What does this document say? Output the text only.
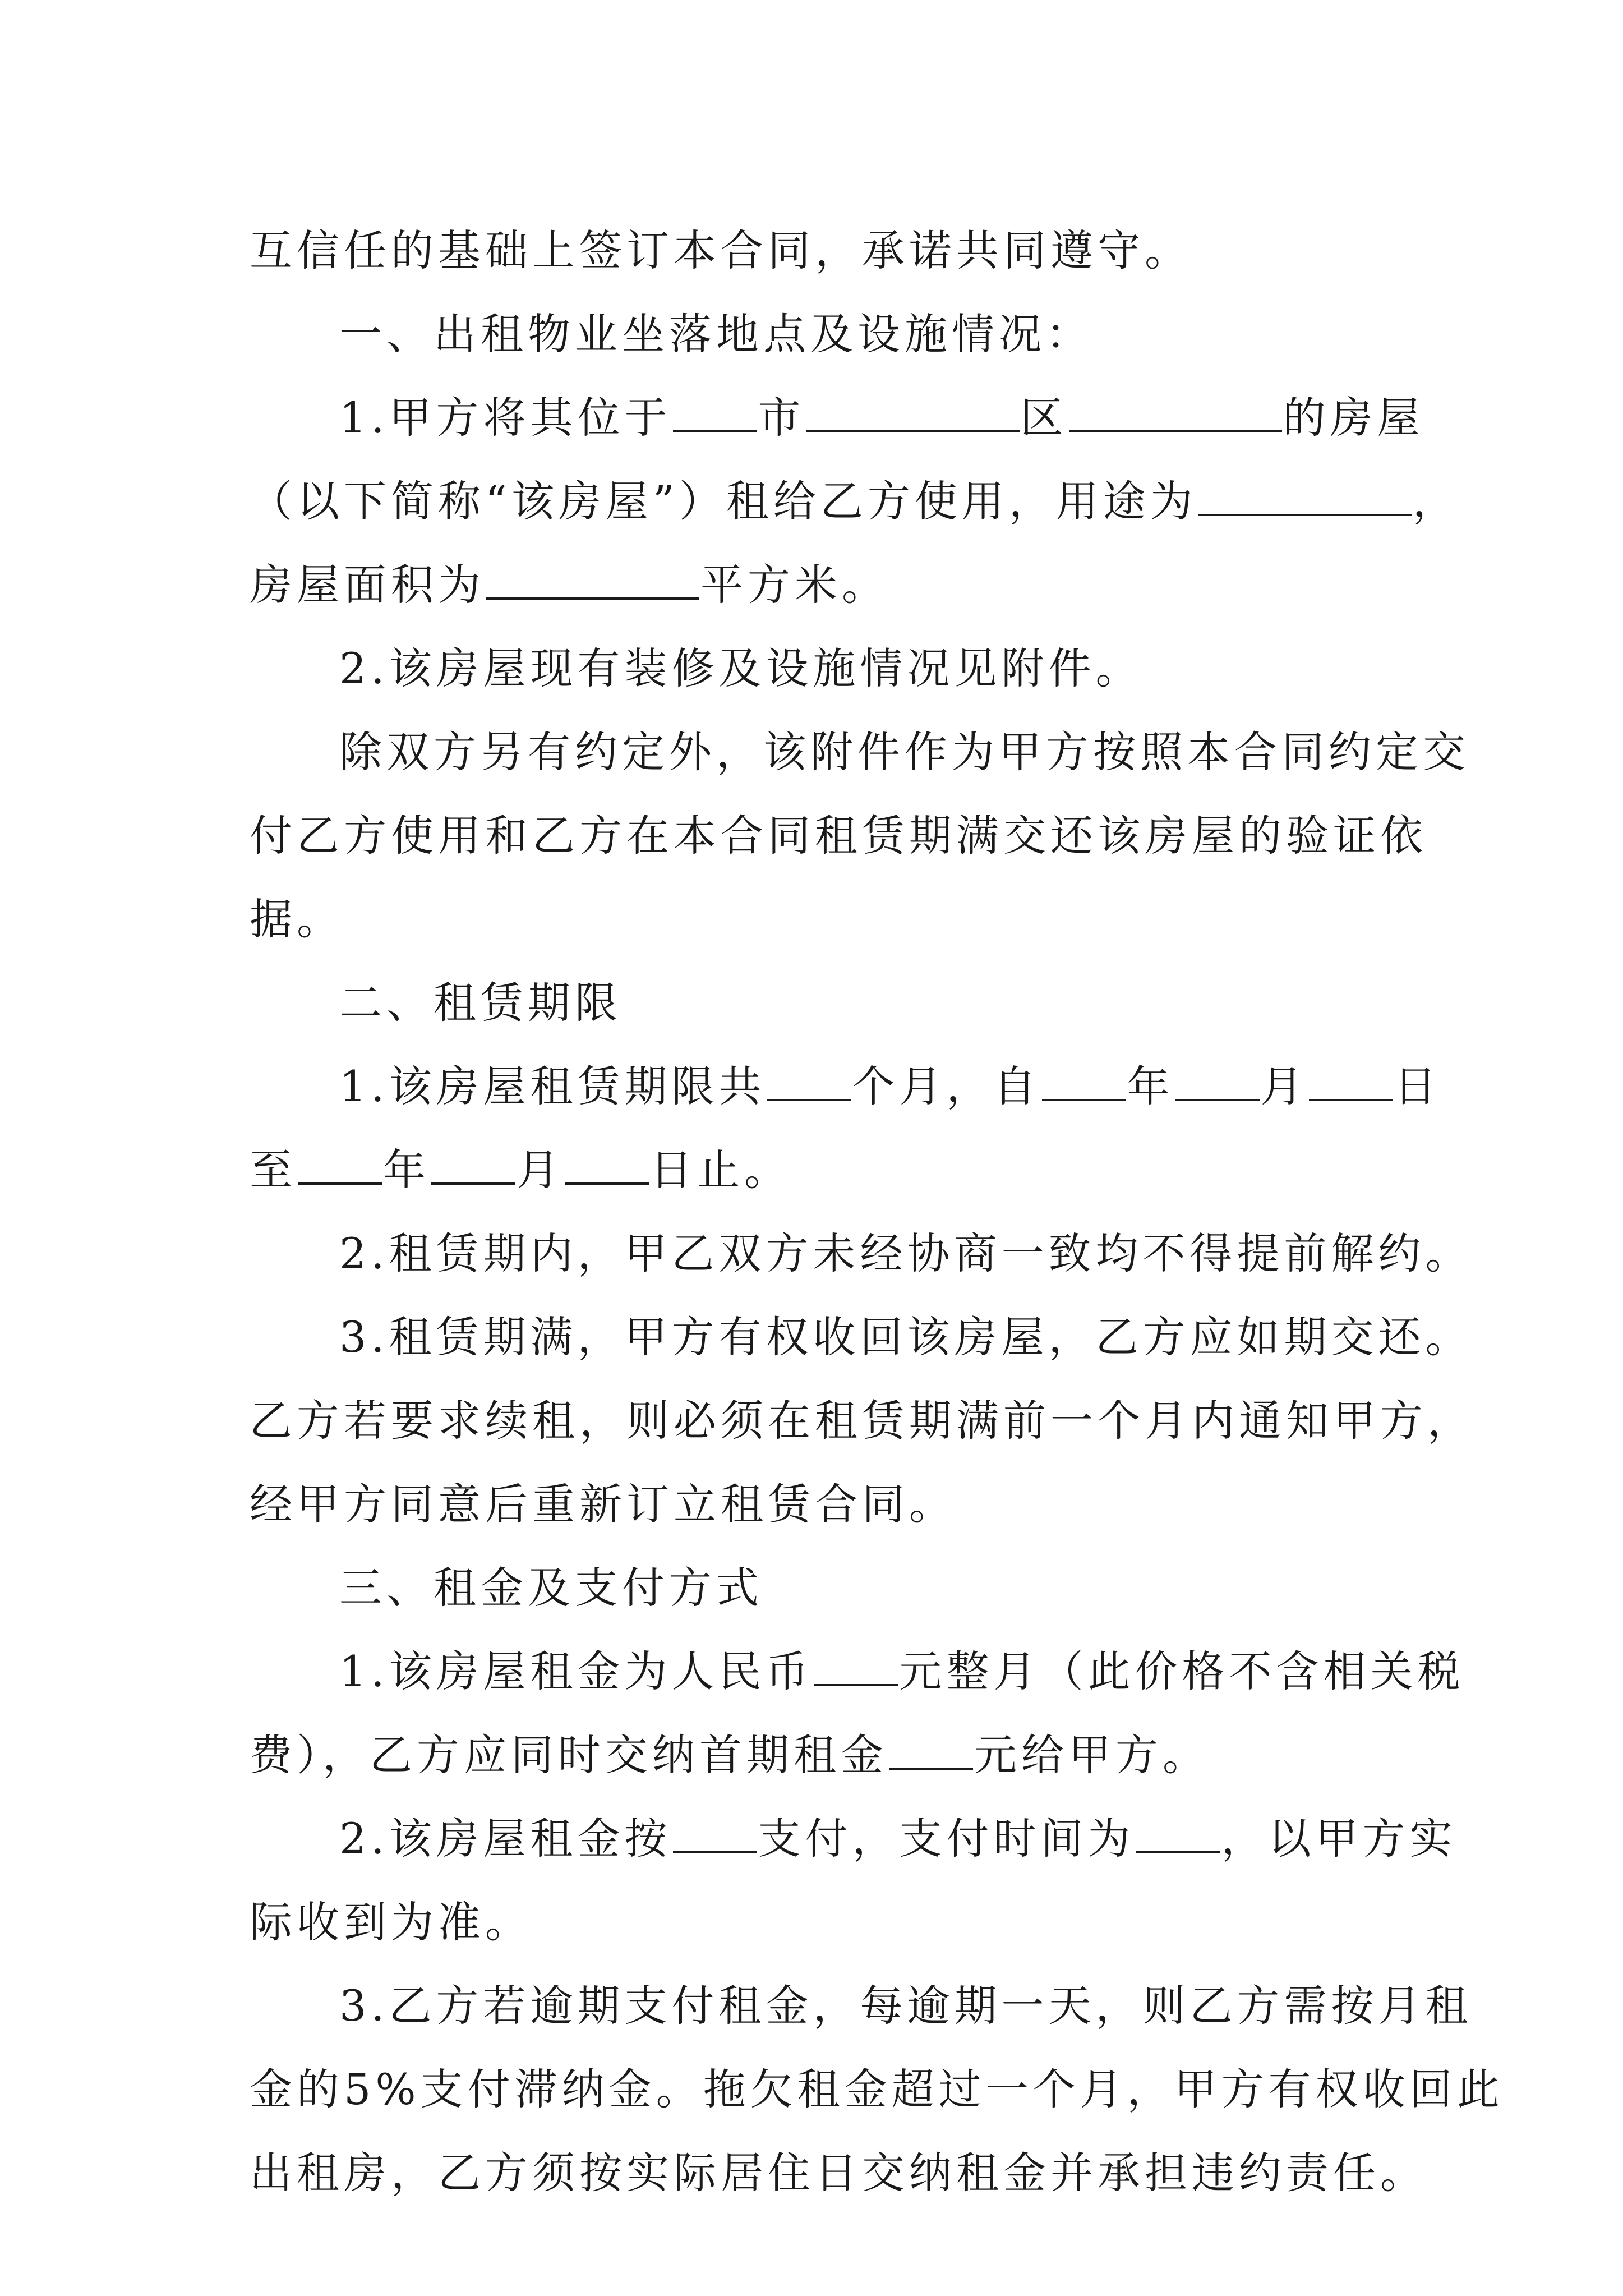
互信任的基础上签订本合同，承诺共同遵守。
一、出租物业坐落地点及设施情况：
1.甲方将其位于 市	区	的房屋
（以下简称“该房屋”）租给乙方使用，用途为	，
房屋面积为	平方米。
2.该房屋现有装修及设施情况见附件。
除双方另有约定外，该附件作为甲方按照本合同约定交
付乙方使用和乙方在本合同租赁期满交还该房屋的验证依
据。
二、租赁期限
1.该房屋租赁期限共 个月，自 年 月 日
至 年 月 日止。
2.租赁期内，甲乙双方未经协商一致均不得提前解约。
3.租赁期满，甲方有权收回该房屋，乙方应如期交还。
乙方若要求续租，则必须在租赁期满前一个月内通知甲方，
经甲方同意后重新订立租赁合同。
三、租金及支付方式
1.该房屋租金为人民币 元整月（此价格不含相关税
费），乙方应同时交纳首期租金 元给甲方。
2.该房屋租金按 支付，支付时间为 ，以甲方实
际收到为准。
3.乙方若逾期支付租金，每逾期一天，则乙方需按月租
金的5%支付滞纳金。拖欠租金超过一个月，甲方有权收回此
出租房，乙方须按实际居住日交纳租金并承担违约责任。
